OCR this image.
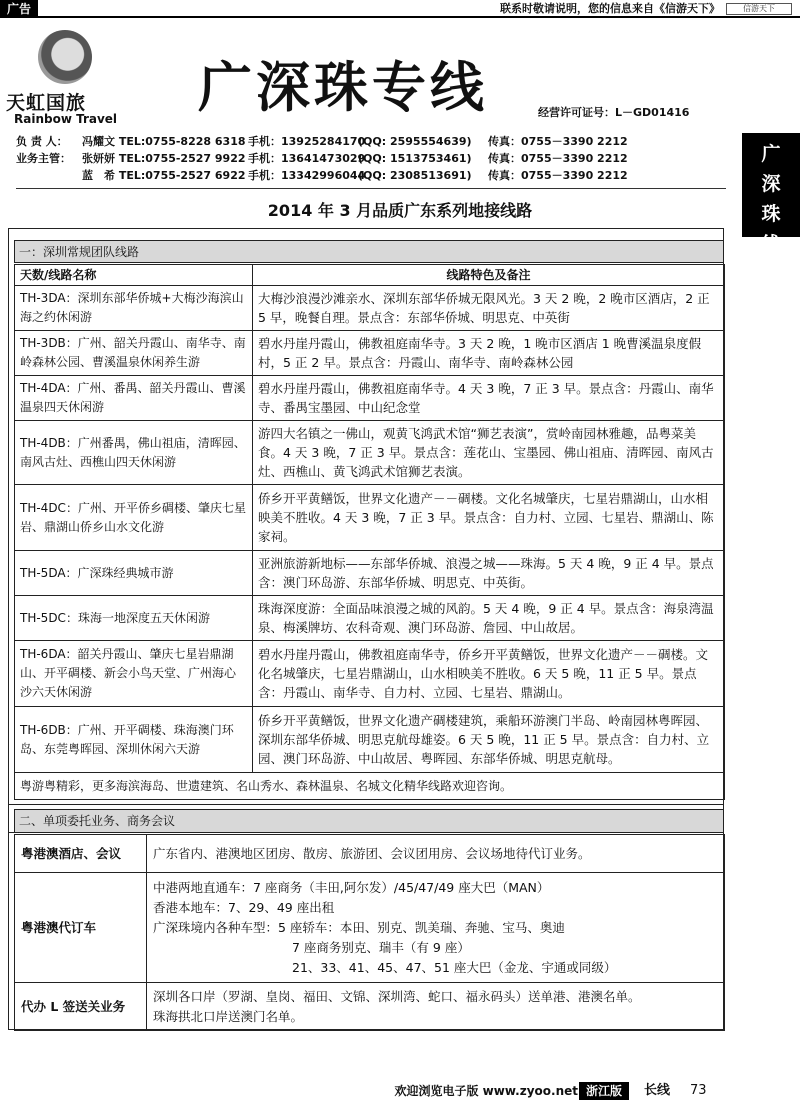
广告	联系时敬请说明，您的信息来自《信游天下》	信游天下
广
深
珠
线
天虹国旅
Rainbow Travel 广深珠专线	经营许可证号：L－GD01416
负 责 人：	冯耀文 TEL:0755-8228 6318 手机：13925284170
(QQ: 2595554639) 传真：0755－3390 2212
业务主管：	张妍妍 TEL:0755-2527 9922 手机：13641473029
(QQ: 1513753461) 传真：0755－3390 2212
蓝　希 TEL:0755-2527 6922 手机：13342996044
(QQ: 2308513691) 传真：0755－3390 2212
2014 年 3 月品质广东系列地接线路
一：深圳常规团队线路
天数/线路名称	线路特色及备注
TH-3DA：深圳东部华侨城+大梅沙海滨山海之约休闲游	大梅沙浪漫沙滩亲水、深圳东部华侨城无限风光。3 天 2 晚，2 晚市区酒店，2 正 5 早，晚餐自理。景点含：东部华侨城、明思克、中英街
TH-3DB：广州、韶关丹霞山、南华寺、南岭森林公园、曹溪温泉休闲养生游	碧水丹崖丹霞山，佛教祖庭南华寺。3 天 2 晚，1 晚市区酒店 1 晚曹溪温泉度假村，5 正 2 早。景点含：丹霞山、南华寺、南岭森林公园
TH-4DA：广州、番禺、韶关丹霞山、曹溪温泉四天休闲游	碧水丹崖丹霞山，佛教祖庭南华寺。4 天 3 晚，7 正 3 早。景点含：丹霞山、南华寺、番禺宝墨园、中山纪念堂
TH-4DB：广州番禺，佛山祖庙，清晖园、南风古灶、西樵山四天休闲游	游四大名镇之一佛山，观黄飞鸿武术馆“狮艺表演”，赏岭南园林雅趣，品粤菜美食。4 天 3 晚，7 正 3 早。景点含：莲花山、宝墨园、佛山祖庙、清晖园、南风古灶、西樵山、黄飞鸿武术馆狮艺表演。
TH-4DC：广州、开平侨乡碉楼、肇庆七星岩、鼎湖山侨乡山水文化游	侨乡开平黄鳝饭，世界文化遗产－－碉楼。文化名城肇庆，七星岩鼎湖山，山水相映美不胜收。4 天 3 晚，7 正 3 早。景点含：自力村、立园、七星岩、鼎湖山、陈家祠。
TH-5DA：广深珠经典城市游	亚洲旅游新地标——东部华侨城、浪漫之城——珠海。5 天 4 晚，9 正 4 早。景点含：澳门环岛游、东部华侨城、明思克、中英街。
TH-5DC：珠海一地深度五天休闲游	珠海深度游：全面品味浪漫之城的风韵。5 天 4 晚，9 正 4 早。景点含：海泉湾温泉、梅溪牌坊、农科奇观、澳门环岛游、詹园、中山故居。
TH-6DA：韶关丹霞山、肇庆七星岩鼎湖山、开平碉楼、新会小鸟天堂、广州海心沙六天休闲游	碧水丹崖丹霞山，佛教祖庭南华寺，侨乡开平黄鳝饭，世界文化遗产－－碉楼。文化名城肇庆，七星岩鼎湖山，山水相映美不胜收。6 天 5 晚，11 正 5 早。景点含：丹霞山、南华寺、自力村、立园、七星岩、鼎湖山。
TH-6DB：广州、开平碉楼、珠海澳门环岛、东莞粤晖园、深圳休闲六天游	侨乡开平黄鳝饭，世界文化遗产碉楼建筑，乘船环游澳门半岛、岭南园林粤晖园、深圳东部华侨城、明思克航母雄姿。6 天 5 晚，11 正 5 早。景点含：自力村、立园、澳门环岛游、中山故居、粤晖园、东部华侨城、明思克航母。
粤游粤精彩，更多海滨海岛、世遗建筑、名山秀水、森林温泉、名城文化精华线路欢迎咨询。	
二、单项委托业务、商务会议
粤港澳酒店、会议	广东省内、港澳地区团房、散房、旅游团、会议团用房、会议场地待代订业务。
粤港澳代订车	中港两地直通车：7 座商务（丰田,阿尔发）/45/47/49 座大巴（MAN）
香港本地车：7、29、49 座出租
广深珠境内各种车型：5 座轿车：本田、别克、凯美瑞、奔驰、宝马、奥迪
7 座商务别克、瑞丰（有 9 座）
21、33、41、45、47、51 座大巴（金龙、宇通或同级）

代办 L 签送关业务	深圳各口岸（罗湖、皇岗、福田、文锦、深圳湾、蛇口、福永码头）送单港、港澳名单。
珠海拱北口岸送澳门名单。
欢迎浏览电子版 www.zyoo.net 浙江版	长线 73
